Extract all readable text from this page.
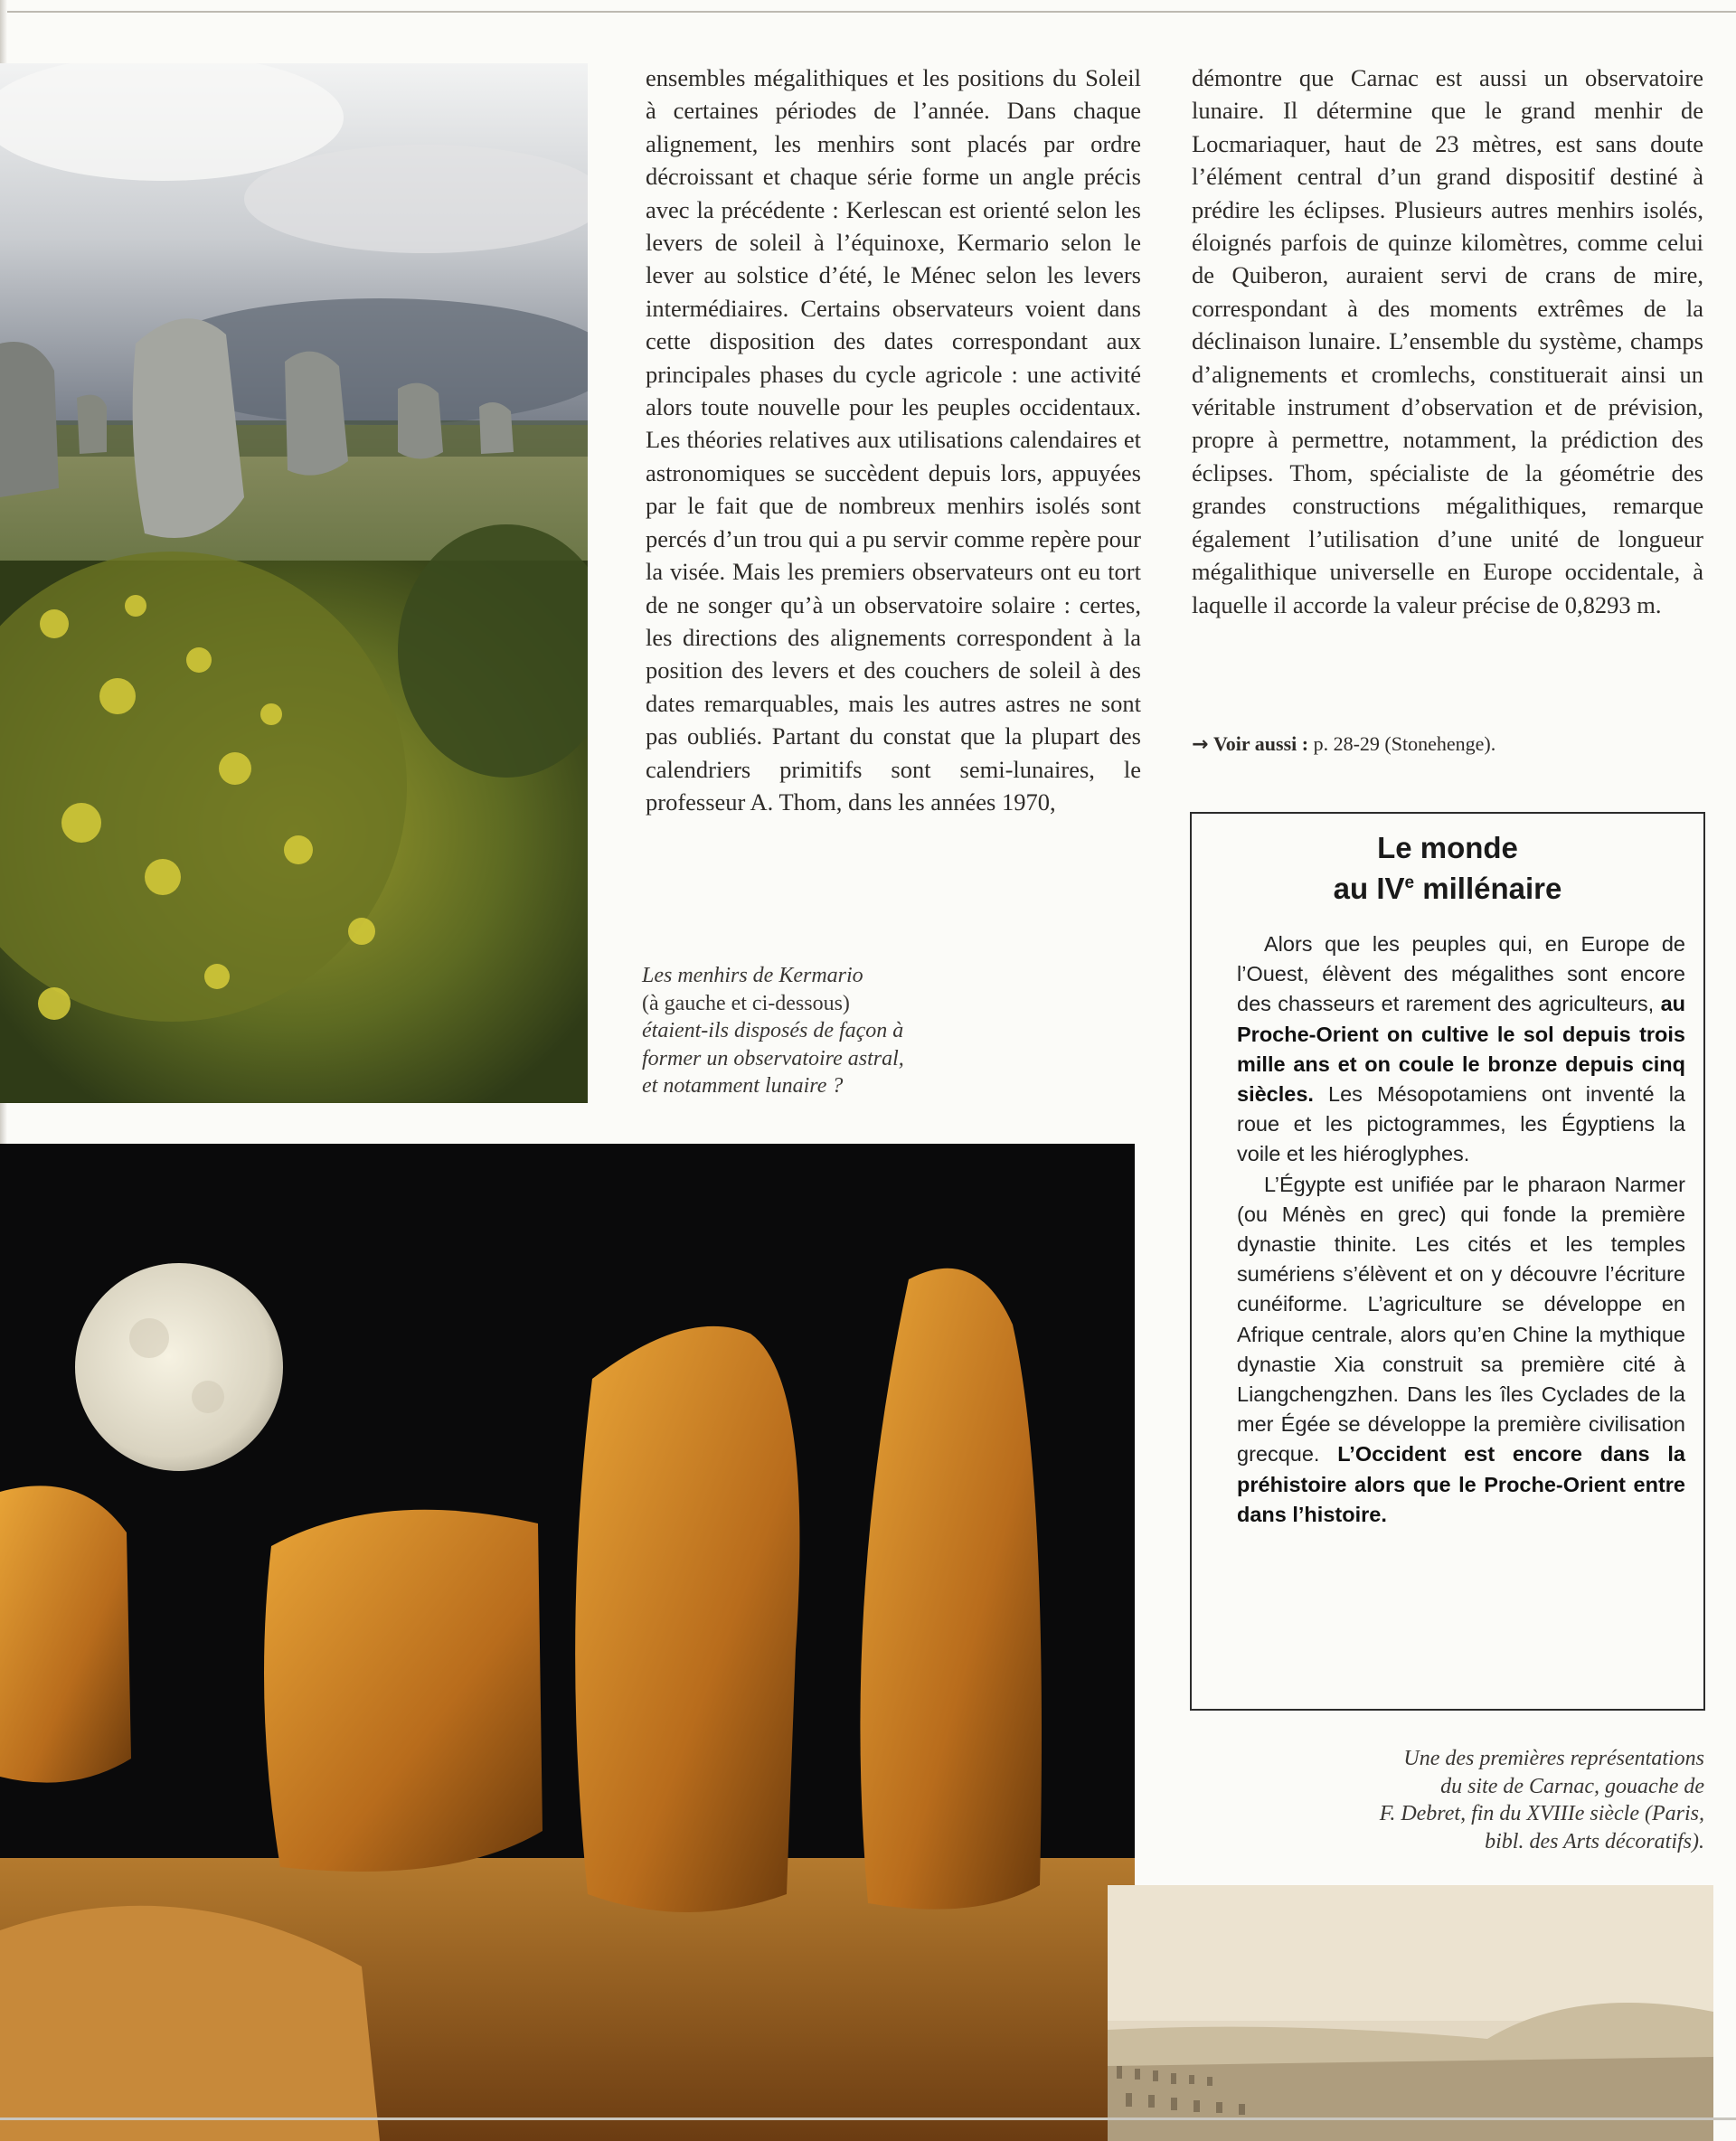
ensembles mégalithiques et les positions du Soleil à certaines périodes de l’année. Dans chaque alignement, les menhirs sont placés par ordre décroissant et chaque série forme un angle précis avec la précédente : Kerlescan est orienté selon les levers de soleil à l’équinoxe, Kermario selon le lever au solstice d’été, le Ménec selon les levers intermédiaires. Certains observateurs voient dans cette disposition des dates correspondant aux principales phases du cycle agricole : une activité alors toute nouvelle pour les peuples occidentaux. Les théories relatives aux utilisations calendaires et astronomiques se succèdent depuis lors, appuyées par le fait que de nombreux menhirs isolés sont percés d’un trou qui a pu servir comme repère pour la visée. Mais les premiers observateurs ont eu tort de ne songer qu’à un observatoire solaire : certes, les directions des alignements correspondent à la position des levers et des couchers de soleil à des dates remarquables, mais les autres astres ne sont pas oubliés. Partant du constat que la plupart des calendriers primitifs sont semi-lunaires, le professeur A. Thom, dans les années 1970,

Les menhirs de Kermario
(à gauche et ci-dessous)
étaient-ils disposés de façon à
former un observatoire astral,
et notamment lunaire ?

démontre que Carnac est aussi un observatoire lunaire. Il détermine que le grand menhir de Locmariaquer, haut de 23 mètres, est sans doute l’élément central d’un grand dispositif destiné à prédire les éclipses. Plusieurs autres menhirs isolés, éloignés parfois de quinze kilomètres, comme celui de Quiberon, auraient servi de crans de mire, correspondant à des moments extrêmes de la déclinaison lunaire. L’ensemble du système, champs d’alignements et cromlechs, constituerait ainsi un véritable instrument d’observation et de prévision, propre à permettre, notamment, la prédiction des éclipses. Thom, spécialiste de la géométrie des grandes constructions mégalithiques, remarque également l’utilisation d’une unité de longueur mégalithique universelle en Europe occidentale, à laquelle il accorde la valeur précise de 0,8293 m.

→ Voir aussi : p. 28-29 (Stonehenge).
Le monde
au IVe millénaire

Alors que les peuples qui, en Europe de l’Ouest, élèvent des mégalithes sont encore des chasseurs et rarement des agriculteurs, au Proche-Orient on cultive le sol depuis trois mille ans et on coule le bronze depuis cinq siècles. Les Mésopotamiens ont inventé la roue et les pictogrammes, les Égyptiens la voile et les hiéroglyphes.

L’Égypte est unifiée par le pharaon Narmer (ou Ménès en grec) qui fonde la première dynastie thinite. Les cités et les temples sumériens s’élèvent et on y découvre l’écriture cunéiforme. L’agriculture se développe en Afrique centrale, alors qu’en Chine la mythique dynastie Xia construit sa première cité à Liangchengzhen. Dans les îles Cyclades de la mer Égée se développe la première civilisation grecque. L’Occident est encore dans la préhistoire alors que le Proche-Orient entre dans l’histoire.

Une des premières représentations
du site de Carnac, gouache de
F. Debret, fin du XVIIIe siècle (Paris,
bibl. des Arts décoratifs).
